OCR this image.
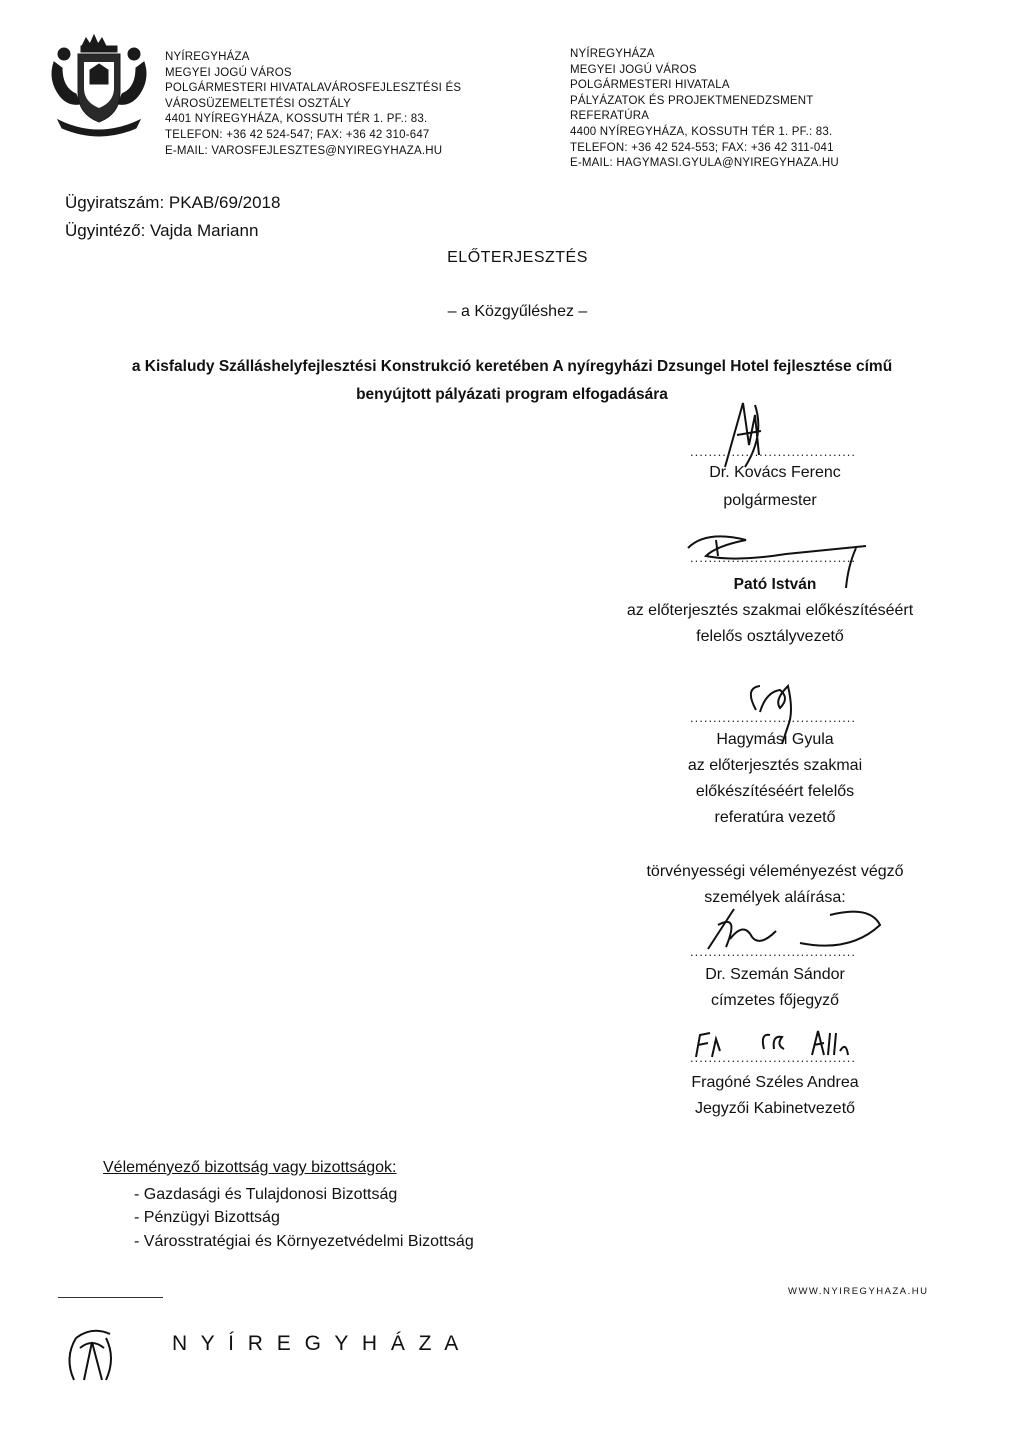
NYÍREGYHÁZA
MEGYEI JOGÚ VÁROS
POLGÁRMESTERI HIVATALAVÁROSFEJLESZTÉSI ÉS
VÁROSÜZEMELTETÉSI OSZTÁLY
4401 NYÍREGYHÁZA, KOSSUTH TÉR 1. PF.: 83.
TELEFON: +36 42 524-547; FAX: +36 42 310-647
E-MAIL: VAROSFEJLESZTES@NYIREGYHAZA.HU
NYÍREGYHÁZA
MEGYEI JOGÚ VÁROS
POLGÁRMESTERI HIVATALA
PÁLYÁZATOK ÉS PROJEKTMENEDZSMENT
REFERATÚRA
4400 NYÍREGYHÁZA, KOSSUTH TÉR 1. PF.: 83.
TELEFON: +36 42 524-553; FAX: +36 42 311-041
E-MAIL: HAGYMASI.GYULA@NYIREGYHAZA.HU
Ügyiratszám: PKAB/69/2018
Ügyintéző: Vajda Mariann
ELŐTERJESZTÉS
– a Közgyűléshez –
a Kisfaludy Szálláshelyfejlesztési Konstrukció keretében A nyíregyházi Dzsungel Hotel fejlesztése című
benyújtott pályázati program elfogadására
....................................
Dr. Kovács Ferenc
polgármester
....................................
Pató István
az előterjesztés szakmai előkészítéséért
felelős osztályvezető
....................................
Hagymási Gyula
az előterjesztés szakmai
előkészítéséért felelős
referatúra vezető
törvényességi véleményezést végző
személyek aláírása:
....................................
Dr. Szemán Sándor
címzetes főjegyző
....................................
Fragóné Széles Andrea
Jegyzői Kabinetvezető
Véleményező bizottság vagy bizottságok:
- Gazdasági és Tulajdonosi Bizottság
- Pénzügyi Bizottság
- Városstratégiai és Környezetvédelmi Bizottság
WWW.NYIREGYHAZA.HU
N Y Í R E G Y H Á Z A
